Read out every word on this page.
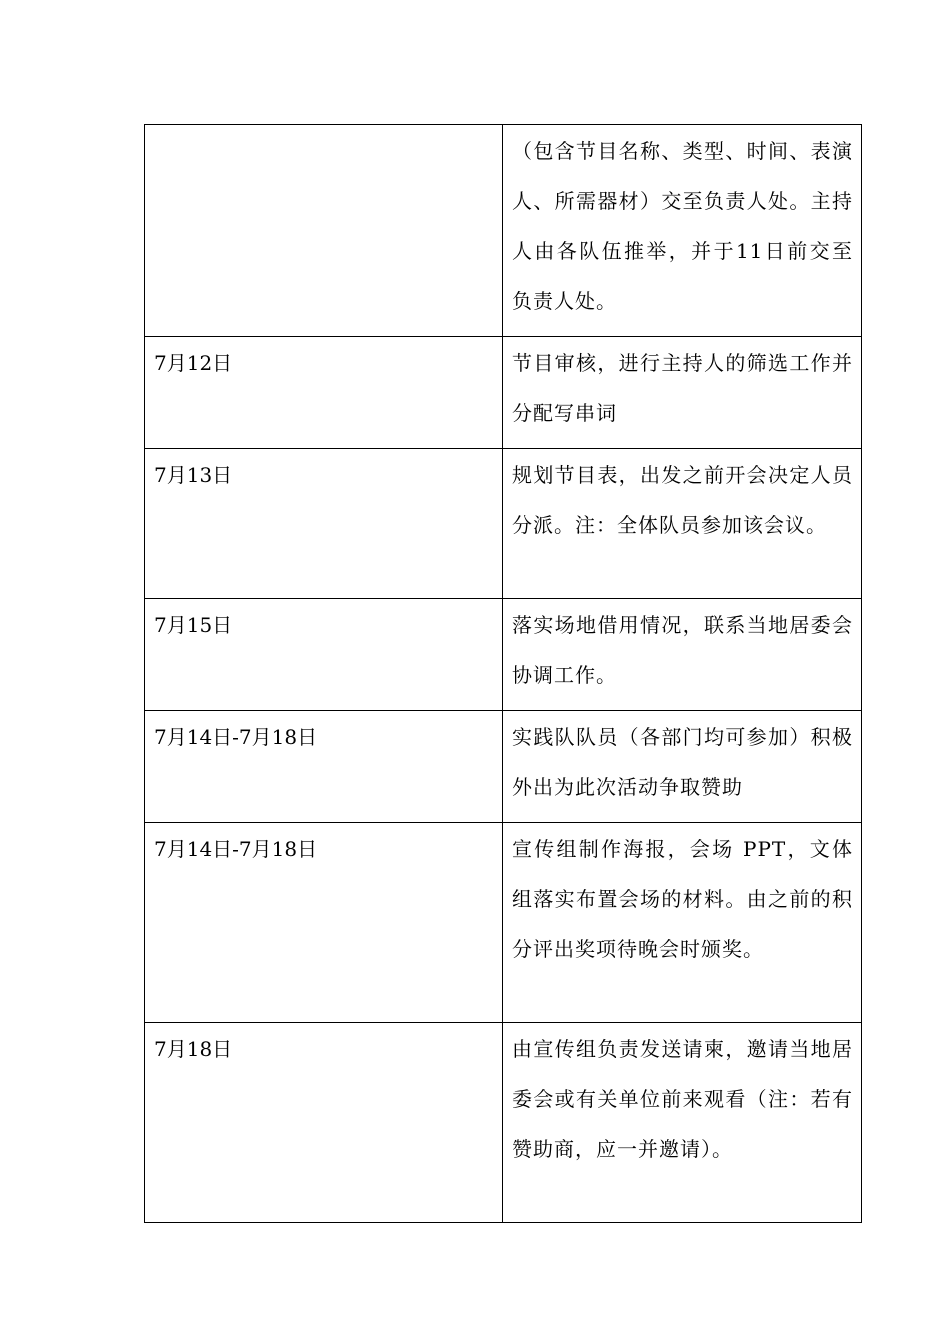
	（包含节目名称、类型、时间、表演人、所需器材）交至负责人处。主持人由各队伍推举，并于11日前交至负责人处。
7月12日	节目审核，进行主持人的筛选工作并分配写串词
7月13日	规划节目表，出发之前开会决定人员分派。注：全体队员参加该会议。
7月15日	落实场地借用情况，联系当地居委会协调工作。
7月14日-7月18日	实践队队员（各部门均可参加）积极外出为此次活动争取赞助
7月14日-7月18日	宣传组制作海报，会场 PPT，文体组落实布置会场的材料。由之前的积分评出奖项待晚会时颁奖。
7月18日	由宣传组负责发送请柬，邀请当地居委会或有关单位前来观看（注：若有赞助商，应一并邀请）。
